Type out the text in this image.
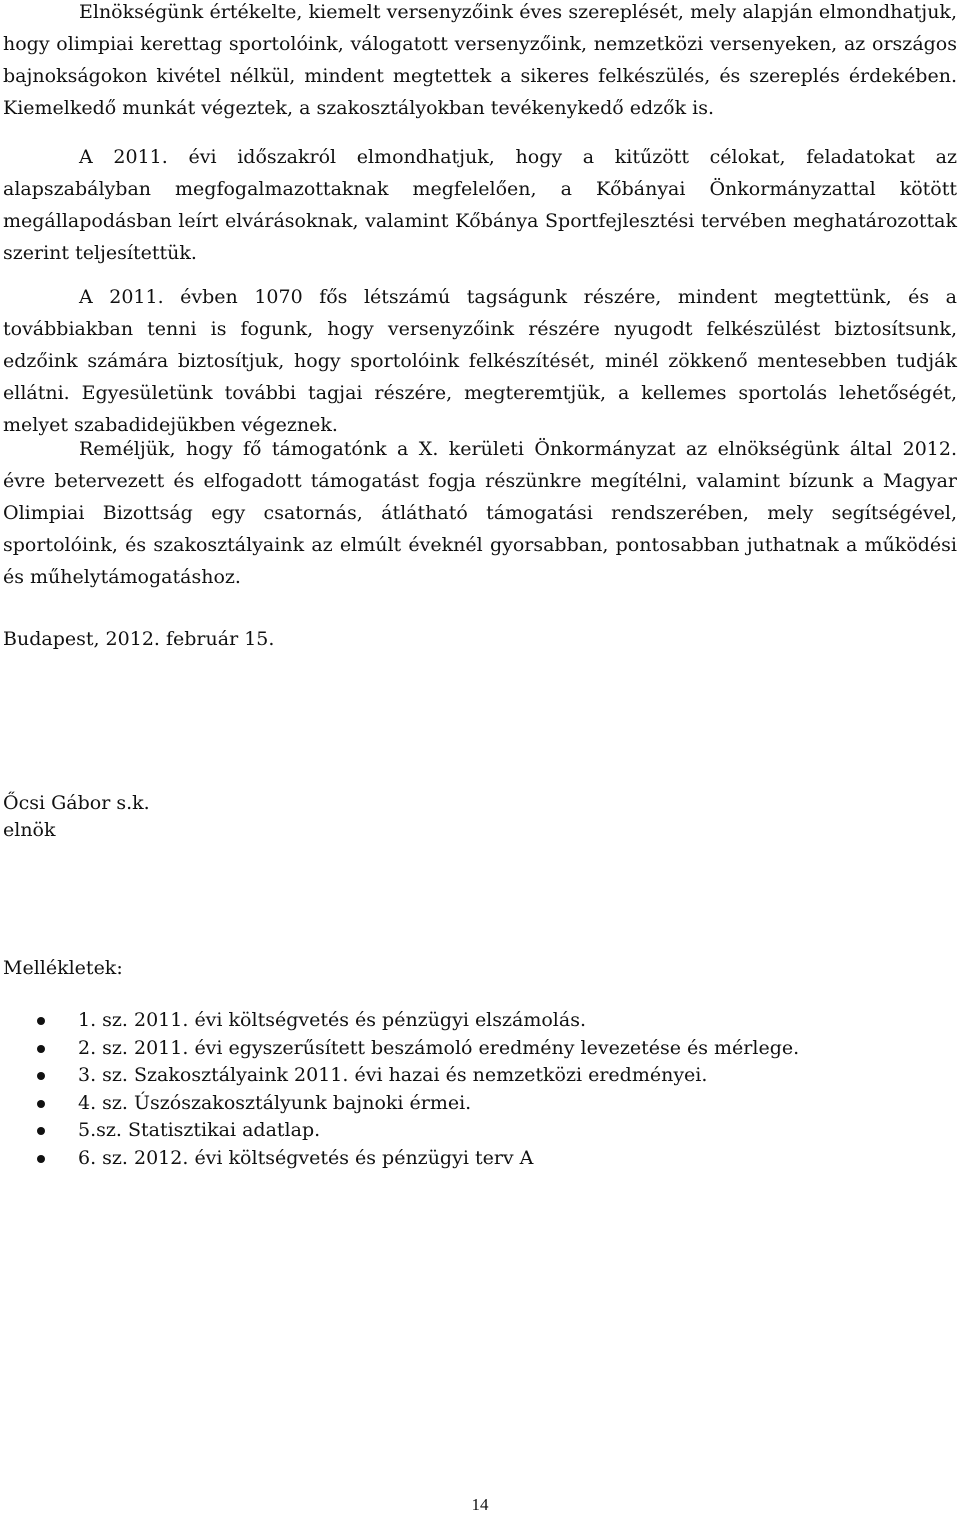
Elnökségünk értékelte, kiemelt versenyzőink éves szereplését, mely alapján elmondhatjuk, hogy olimpiai kerettag sportolóink, válogatott versenyzőink, nemzetközi versenyeken, az országos bajnokságokon kivétel nélkül, mindent megtettek a sikeres felkészülés, és szereplés érdekében. Kiemelkedő munkát végeztek, a szakosztályokban tevékenykedő edzők is.

A 2011. évi időszakról elmondhatjuk, hogy a kitűzött célokat, feladatokat az alapszabályban megfogalmazottaknak megfelelően, a Kőbányai Önkormányzattal kötött megállapodásban leírt elvárásoknak, valamint Kőbánya Sportfejlesztési tervében meghatározottak szerint teljesítettük.

A 2011. évben 1070 fős létszámú tagságunk részére, mindent megtettünk, és a továbbiakban tenni is fogunk, hogy versenyzőink részére nyugodt felkészülést biztosítsunk, edzőink számára biztosítjuk, hogy sportolóink felkészítését, minél zökkenő mentesebben tudják ellátni. Egyesületünk további tagjai részére, megteremtjük, a kellemes sportolás lehetőségét, melyet szabadidejükben végeznek.

Reméljük, hogy fő támogatónk a X. kerületi Önkormányzat az elnökségünk által 2012. évre betervezett és elfogadott támogatást fogja részünkre megítélni, valamint bízunk a Magyar Olimpiai Bizottság egy csatornás, átlátható támogatási rendszerében, mely segítségével, sportolóink, és szakosztályaink az elmúlt éveknél gyorsabban, pontosabban juthatnak a működési és műhelytámogatáshoz.

Budapest, 2012. február 15.

Őcsi Gábor s.k.

elnök

Mellékletek:

1. sz. 2011. évi költségvetés és pénzügyi elszámolás.
2. sz. 2011. évi egyszerűsített beszámoló eredmény levezetése és mérlege.
3. sz. Szakosztályaink 2011. évi hazai és nemzetközi eredményei.
4. sz. Úszószakosztályunk bajnoki érmei.
5.sz. Statisztikai adatlap.
6. sz. 2012. évi költségvetés és pénzügyi terv A
14
